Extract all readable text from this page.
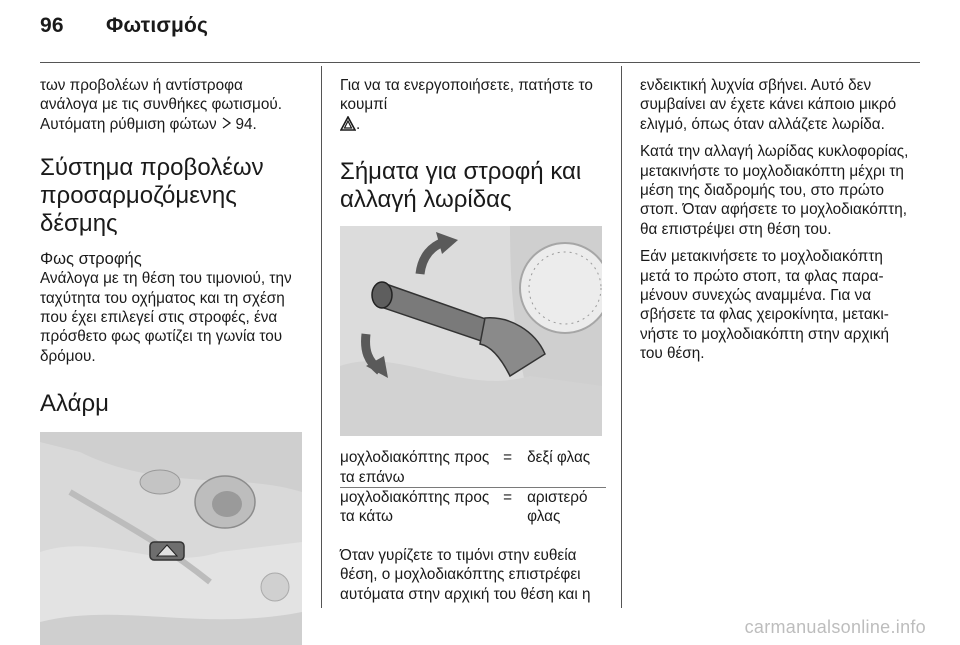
96 Φωτισμός

των προβολέων ή αντίστροφα
ανάλογα με τις συνθήκες φωτισμού.
Αυτόματη ρύθμιση φώτων 94.

Σύστημα προβολέων προσαρμοζόμενης δέσμης
Φως στροφής

Ανάλογα με τη θέση του τιμονιού, την ταχύτητα του οχήματος και τη σχέση που έχει επιλεγεί στις στροφές, ένα πρόσθετο φως φωτίζει τη γωνία του δρόμου.

Αλάρμ

Για να τα ενεργοποιήσετε, πατήστε το κουμπί
.

Σήματα για στροφή και αλλαγή λωρίδας
μοχλοδιακόπτης προς τα επάνω	=	δεξί φλας
μοχλοδιακόπτης προς τα κάτω	=	αριστερό φλας

Όταν γυρίζετε το τιμόνι στην ευθεία θέση, ο μοχλοδιακόπτης επιστρέφει αυτόματα στην αρχική του θέση και η

ενδεικτική λυχνία σβήνει. Αυτό δεν συμβαίνει αν έχετε κάνει κάποιο μικρό ελιγμό, όπως όταν αλλάζετε λωρίδα.

Κατά την αλλαγή λωρίδας κυκλοφορίας, μετακινήστε το μοχλοδιακόπτη μέχρι τη μέση της διαδρομής του, στο πρώτο στοπ. Όταν αφήσετε το μοχλοδιακόπτη, θα επιστρέψει στη θέση του.

Εάν μετακινήσετε το μοχλοδιακόπτη μετά το πρώτο στοπ, τα φλας παραμένουν συνεχώς αναμμένα. Για να σβήσετε τα φλας χειροκίνητα, μετακινήστε το μοχλοδιακόπτη στην αρχική του θέση.

carmanualsonline.info
